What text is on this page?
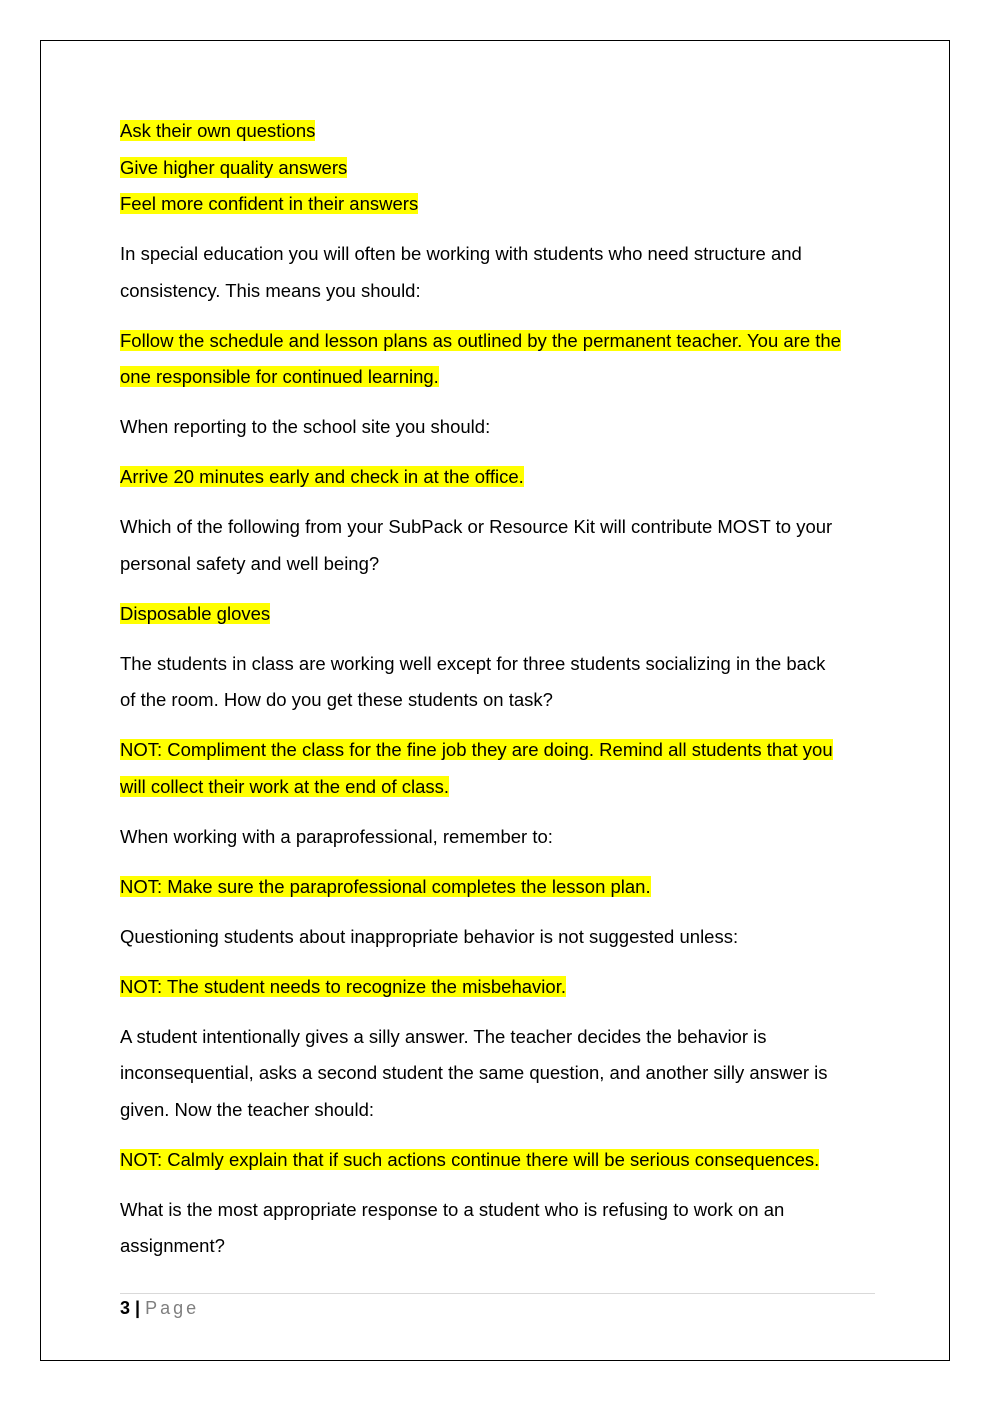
Ask their own questions
Give higher quality answers
Feel more confident in their answers
In special education you will often be working with students who need structure and
consistency. This means you should:
Follow the schedule and lesson plans as outlined by the permanent teacher. You are the
one responsible for continued learning.
When reporting to the school site you should:
Arrive 20 minutes early and check in at the office.
Which of the following from your SubPack or Resource Kit will contribute MOST to your
personal safety and well being?
Disposable gloves
The students in class are working well except for three students socializing in the back
of the room. How do you get these students on task?
NOT: Compliment the class for the fine job they are doing. Remind all students that you
will collect their work at the end of class.
When working with a paraprofessional, remember to:
NOT: Make sure the paraprofessional completes the lesson plan.
Questioning students about inappropriate behavior is not suggested unless:
NOT: The student needs to recognize the misbehavior.
A student intentionally gives a silly answer. The teacher decides the behavior is
inconsequential, asks a second student the same question, and another silly answer is
given. Now the teacher should:
NOT: Calmly explain that if such actions continue there will be serious consequences.
What is the most appropriate response to a student who is refusing to work on an
assignment?
3 | Page
